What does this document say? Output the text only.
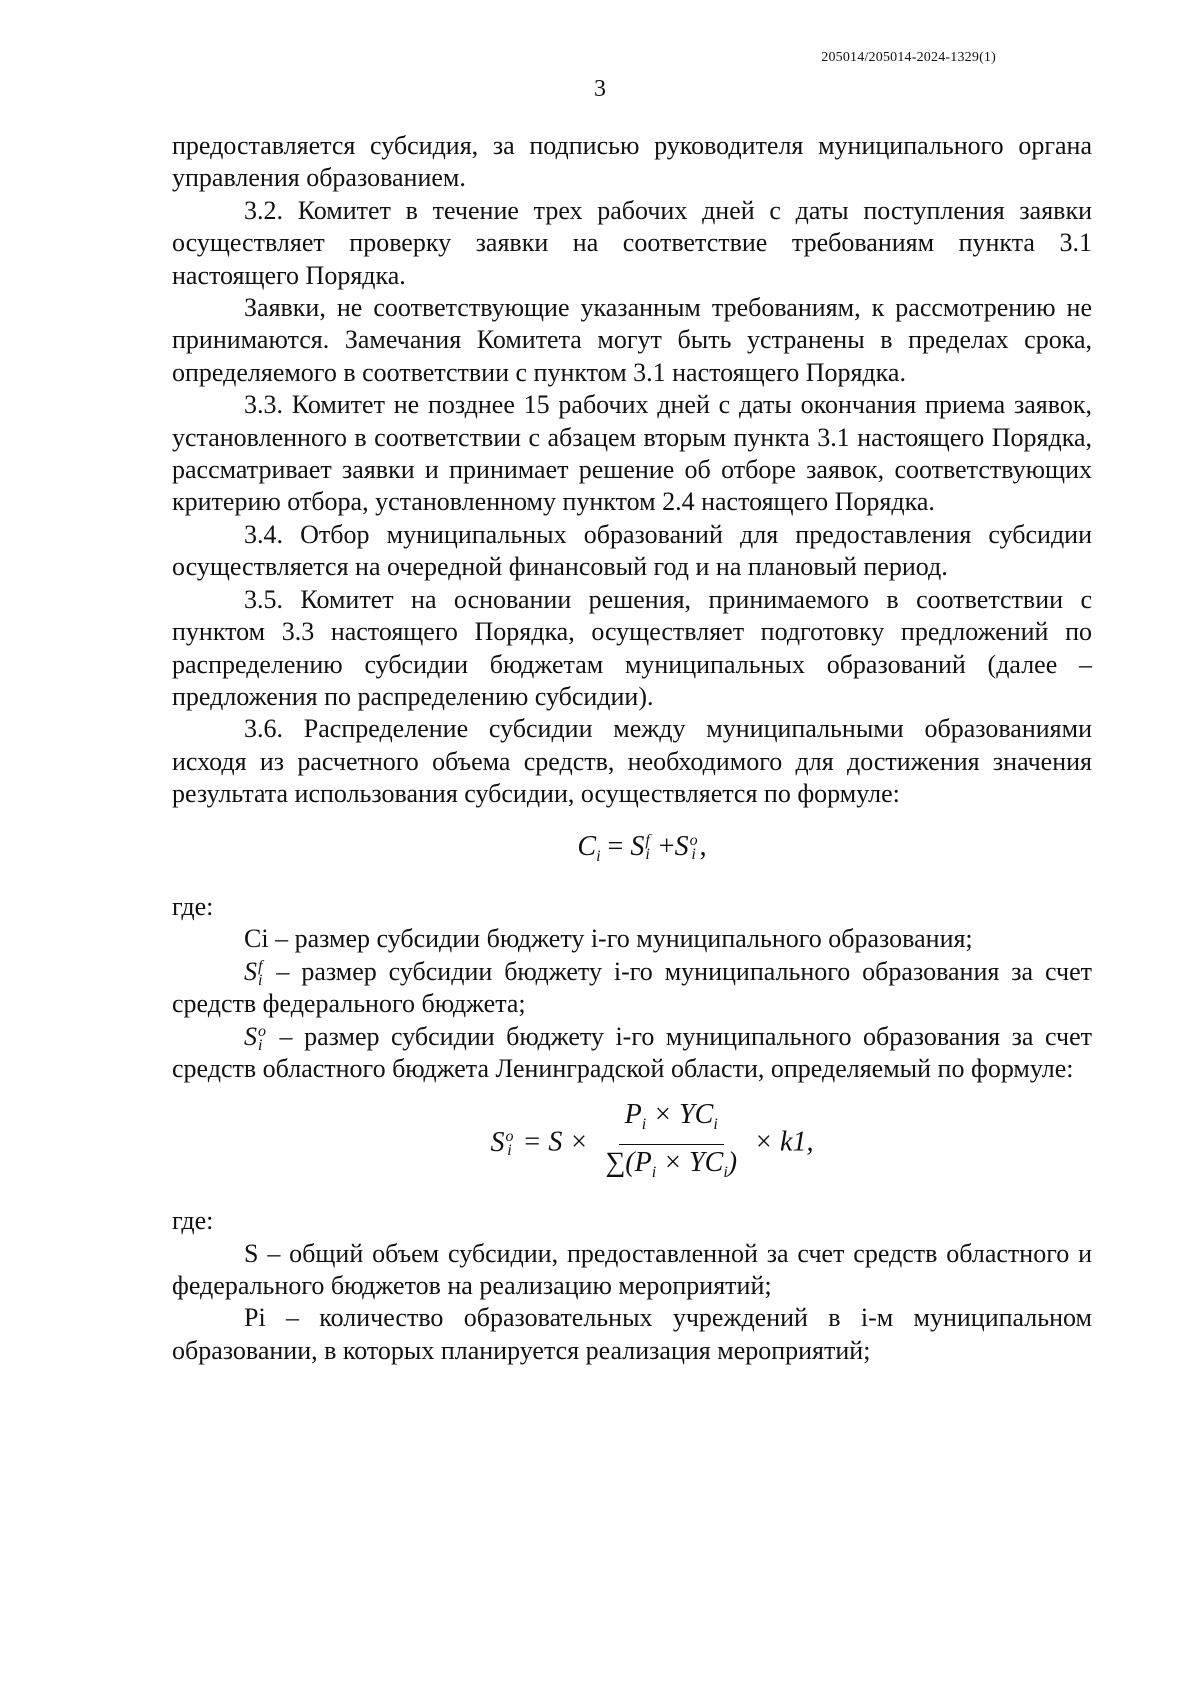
205014/205014-2024-1329(1)
3

предоставляется субсидия, за подписью руководителя муниципального органа управления образованием.

3.2. Комитет в течение трех рабочих дней с даты поступления заявки осуществляет проверку заявки на соответствие требованиям пункта 3.1 настоящего Порядка.

Заявки, не соответствующие указанным требованиям, к рассмотрению не принимаются. Замечания Комитета могут быть устранены в пределах срока, определяемого в соответствии с пунктом 3.1 настоящего Порядка.

3.3. Комитет не позднее 15 рабочих дней с даты окончания приема заявок, установленного в соответствии с абзацем вторым пункта 3.1 настоящего Порядка, рассматривает заявки и принимает решение об отборе заявок, соответствующих критерию отбора, установленному пунктом 2.4 настоящего Порядка.

3.4. Отбор муниципальных образований для предоставления субсидии осуществляется на очередной финансовый год и на плановый период.

3.5. Комитет на основании решения, принимаемого в соответствии с пунктом 3.3 настоящего Порядка, осуществляет подготовку предложений по распределению субсидии бюджетам муниципальных образований (далее – предложения по распределению субсидии).

3.6. Распределение субсидии между муниципальными образованиями исходя из расчетного объема средств, необходимого для достижения значения результата использования субсидии, осуществляется по формуле:

$C_i = S$ f
i +S o
i ,

где:

Ci – размер субсидии бюджету i-го муниципального образования;

S f
i – размер субсидии бюджету i-го муниципального образования за счет средств федерального бюджета;

S o
i – размер субсидии бюджету i-го муниципального образования за счет средств областного бюджета Ленинградской области, определяемый по формуле:

S o
$i = S \times \frac{P_i \times YC_i}{\sum(P_i \times YC_i)} \times k1$,

где:

S – общий объем субсидии, предоставленной за счет средств областного и федерального бюджетов на реализацию мероприятий;

Pi – количество образовательных учреждений в i-м муниципальном образовании, в которых планируется реализация мероприятий;
